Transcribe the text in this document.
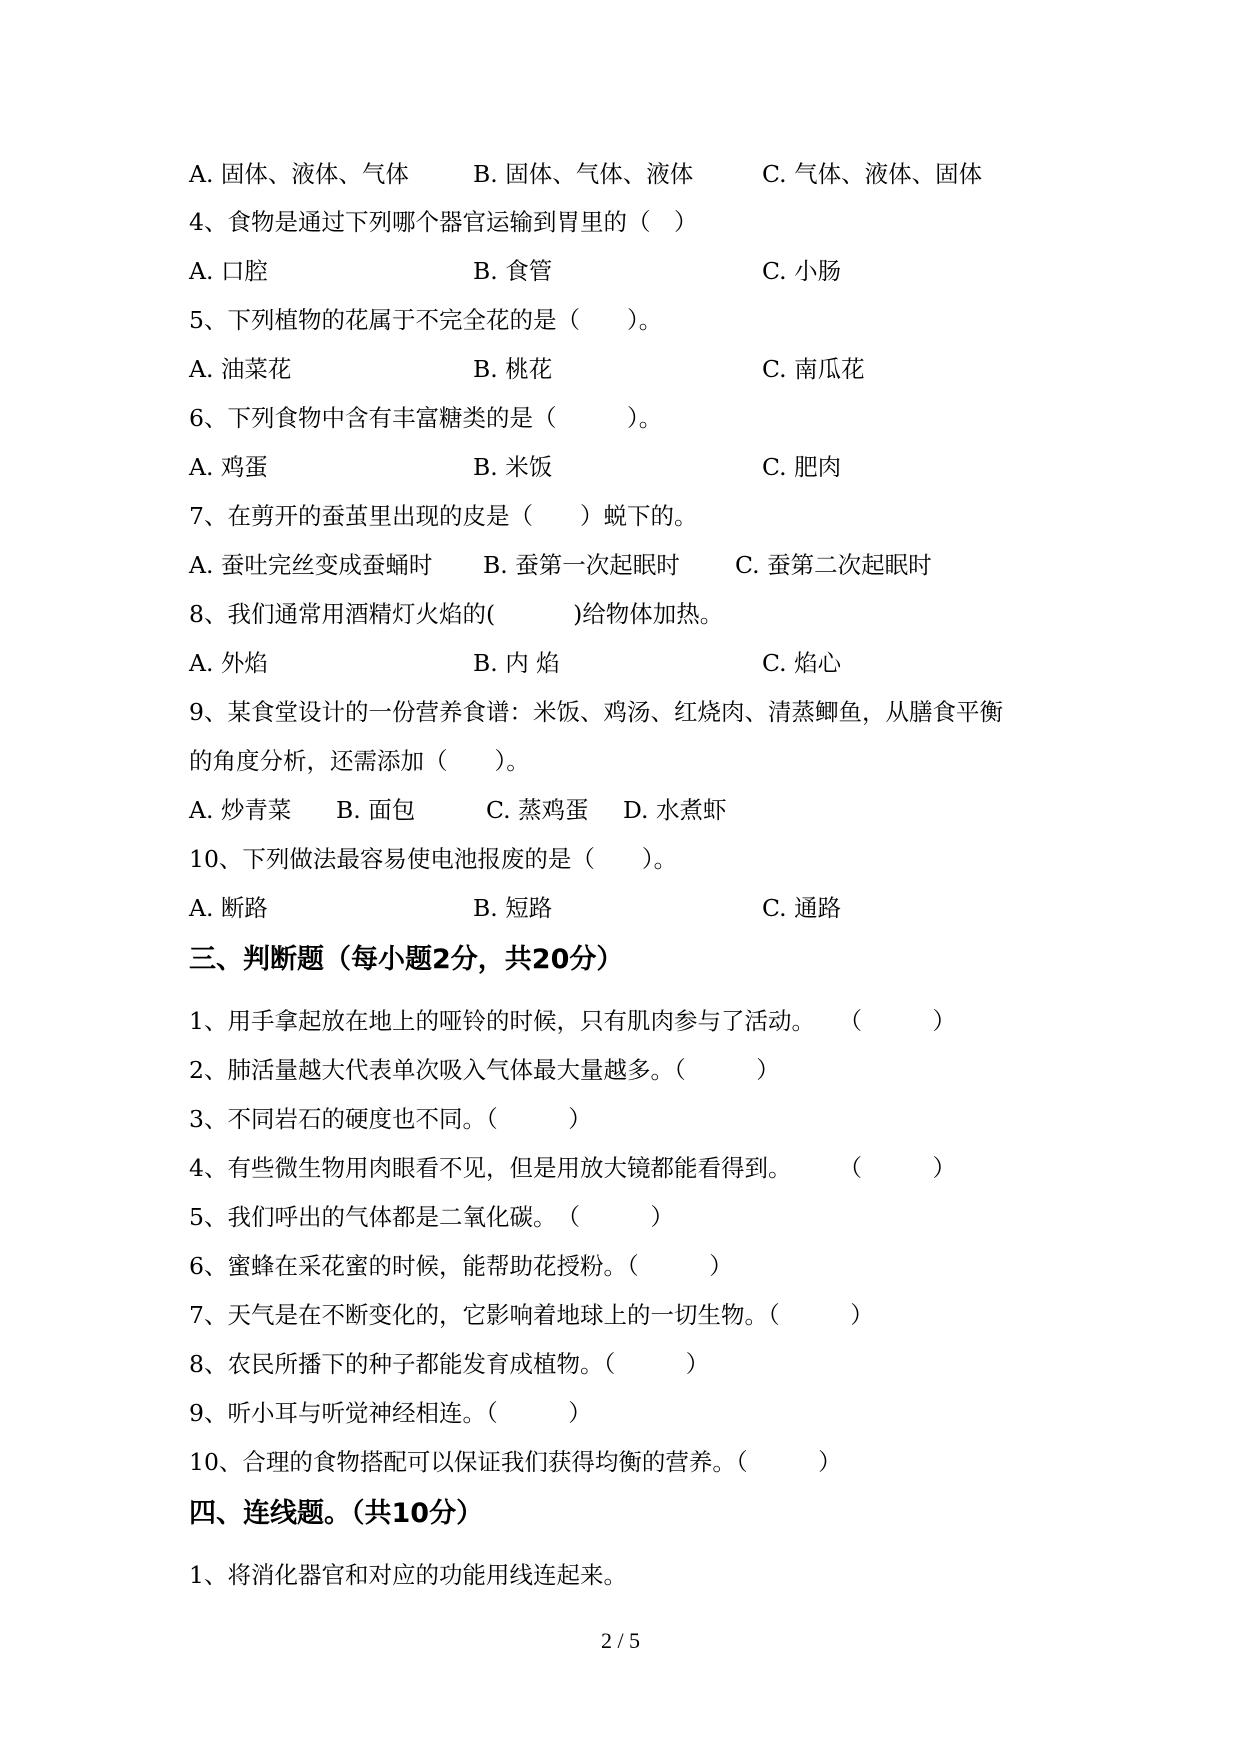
A. 固体、液体、气体	B. 固体、气体、液体	C. 气体、液体、固体
4、食物是通过下列哪个器官运输到胃里的（　）
A. 口腔	B. 食管	C. 小肠
5、下列植物的花属于不完全花的是（　　）。
A. 油菜花	B. 桃花	C. 南瓜花
6、下列食物中含有丰富糖类的是（　　　）。
A. 鸡蛋	B. 米饭	C. 肥肉
7、在剪开的蚕茧里出现的皮是（　　）蜕下的。
A. 蚕吐完丝变成蚕蛹时 B. 蚕第一次起眠时 C. 蚕第二次起眠时
8、我们通常用酒精灯火焰的(　　　 )给物体加热。
A. 外焰	B. 内 焰	C. 焰心
9、某食堂设计的一份营养食谱：米饭、鸡汤、红烧肉、清蒸鲫鱼，从膳食平衡
的角度分析，还需添加（　　）。
A. 炒青菜 B. 面包	C. 蒸鸡蛋 D. 水煮虾
10、下列做法最容易使电池报废的是（　　）。
A. 断路	B. 短路	C. 通路
三、判断题（每小题2分，共20分）
1、用手拿起放在地上的哑铃的时候，只有肌肉参与了活动。　　（　　　）
2、肺活量越大代表单次吸入气体最大量越多。（　　　）
3、不同岩石的硬度也不同。（　　　）
4、有些微生物用肉眼看不见，但是用放大镜都能看得到。　　　（　　　）
5、我们呼出的气体都是二氧化碳。　（　　　）
6、蜜蜂在采花蜜的时候，能帮助花授粉。（　　　）
7、天气是在不断变化的，它影响着地球上的一切生物。（　　　）
8、农民所播下的种子都能发育成植物。（　　　）
9、听小耳与听觉神经相连。（　　　）
10、合理的食物搭配可以保证我们获得均衡的营养。（　　　）
四、连线题。（共10分）
1、将消化器官和对应的功能用线连起来。
2 / 5
